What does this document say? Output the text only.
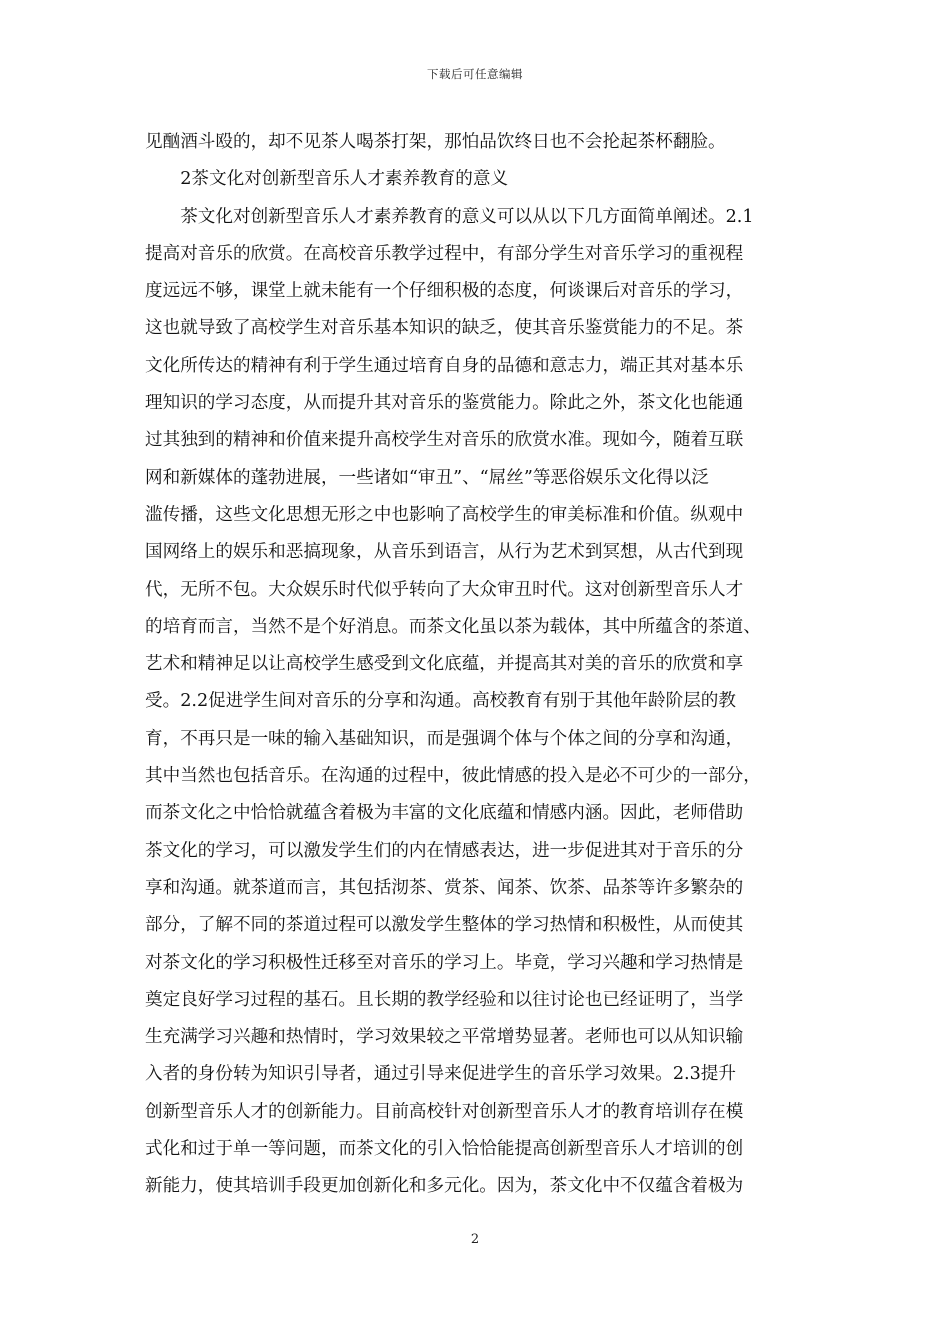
下载后可任意编辑
见酗酒斗殴的，却不见茶人喝茶打架，那怕品饮终日也不会抡起茶杯翻脸。
　　2茶文化对创新型音乐人才素养教育的意义
　　茶文化对创新型音乐人才素养教育的意义可以从以下几方面简单阐述。2.1
提高对音乐的欣赏。在高校音乐教学过程中，有部分学生对音乐学习的重视程
度远远不够，课堂上就未能有一个仔细积极的态度，何谈课后对音乐的学习，
这也就导致了高校学生对音乐基本知识的缺乏，使其音乐鉴赏能力的不足。茶
文化所传达的精神有利于学生通过培育自身的品德和意志力，端正其对基本乐
理知识的学习态度，从而提升其对音乐的鉴赏能力。除此之外，茶文化也能通
过其独到的精神和价值来提升高校学生对音乐的欣赏水准。现如今，随着互联
网和新媒体的蓬勃进展，一些诸如“审丑”、“屌丝”等恶俗娱乐文化得以泛
滥传播，这些文化思想无形之中也影响了高校学生的审美标准和价值。纵观中
国网络上的娱乐和恶搞现象，从音乐到语言，从行为艺术到冥想，从古代到现
代，无所不包。大众娱乐时代似乎转向了大众审丑时代。这对创新型音乐人才
的培育而言，当然不是个好消息。而茶文化虽以茶为载体，其中所蕴含的茶道、
艺术和精神足以让高校学生感受到文化底蕴，并提高其对美的音乐的欣赏和享
受。2.2促进学生间对音乐的分享和沟通。高校教育有别于其他年龄阶层的教
育，不再只是一味的输入基础知识，而是强调个体与个体之间的分享和沟通，
其中当然也包括音乐。在沟通的过程中，彼此情感的投入是必不可少的一部分，
而茶文化之中恰恰就蕴含着极为丰富的文化底蕴和情感内涵。因此，老师借助
茶文化的学习，可以激发学生们的内在情感表达，进一步促进其对于音乐的分
享和沟通。就茶道而言，其包括沏茶、赏茶、闻茶、饮茶、品茶等许多繁杂的
部分，了解不同的茶道过程可以激发学生整体的学习热情和积极性，从而使其
对茶文化的学习积极性迁移至对音乐的学习上。毕竟，学习兴趣和学习热情是
奠定良好学习过程的基石。且长期的教学经验和以往讨论也已经证明了，当学
生充满学习兴趣和热情时，学习效果较之平常增势显著。老师也可以从知识输
入者的身份转为知识引导者，通过引导来促进学生的音乐学习效果。2.3提升
创新型音乐人才的创新能力。目前高校针对创新型音乐人才的教育培训存在模
式化和过于单一等问题，而茶文化的引入恰恰能提高创新型音乐人才培训的创
新能力，使其培训手段更加创新化和多元化。因为，茶文化中不仅蕴含着极为
2
